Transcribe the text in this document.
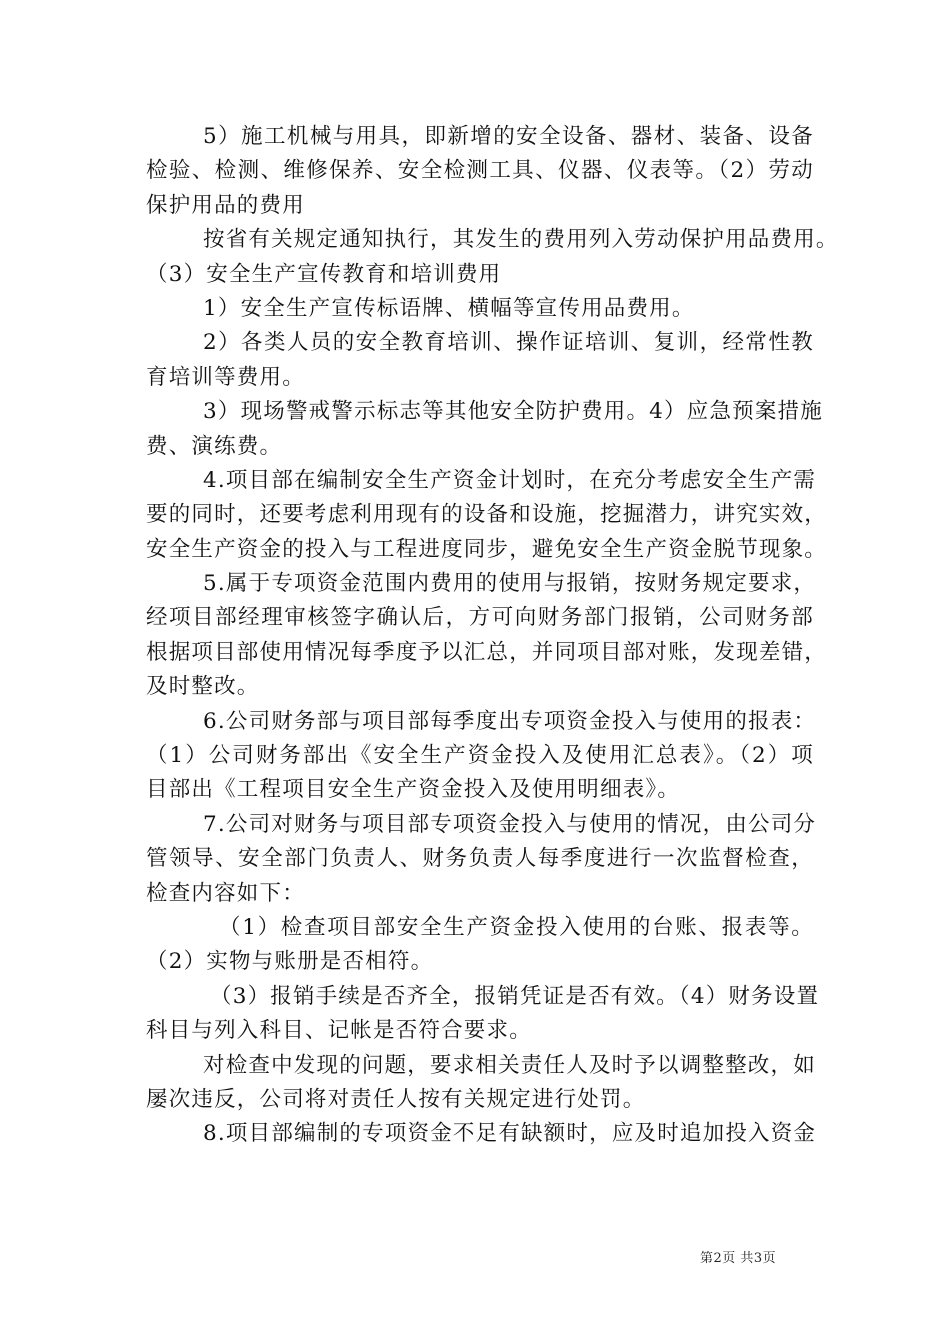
5）施工机械与用具，即新增的安全设备、器材、装备、设备
检验、检测、维修保养、安全检测工具、仪器、仪表等。（2）劳动
保护用品的费用
按省有关规定通知执行，其发生的费用列入劳动保护用品费用。
（3）安全生产宣传教育和培训费用
1）安全生产宣传标语牌、横幅等宣传用品费用。
2）各类人员的安全教育培训、操作证培训、复训，经常性教
育培训等费用。
3）现场警戒警示标志等其他安全防护费用。4）应急预案措施
费、演练费。
4.项目部在编制安全生产资金计划时，在充分考虑安全生产需
要的同时，还要考虑利用现有的设备和设施，挖掘潜力，讲究实效，
安全生产资金的投入与工程进度同步，避免安全生产资金脱节现象。
5.属于专项资金范围内费用的使用与报销，按财务规定要求，
经项目部经理审核签字确认后，方可向财务部门报销，公司财务部
根据项目部使用情况每季度予以汇总，并同项目部对账，发现差错，
及时整改。
6.公司财务部与项目部每季度出专项资金投入与使用的报表：
（1）公司财务部出《安全生产资金投入及使用汇总表》。（2）项
目部出《工程项目安全生产资金投入及使用明细表》。
7.公司对财务与项目部专项资金投入与使用的情况，由公司分
管领导、安全部门负责人、财务负责人每季度进行一次监督检查，
检查内容如下：
（1）检查项目部安全生产资金投入使用的台账、报表等。
（2）实物与账册是否相符。
（3）报销手续是否齐全，报销凭证是否有效。（4）财务设置
科目与列入科目、记帐是否符合要求。
对检查中发现的问题，要求相关责任人及时予以调整整改，如
屡次违反，公司将对责任人按有关规定进行处罚。
8.项目部编制的专项资金不足有缺额时，应及时追加投入资金
第2页 共3页
